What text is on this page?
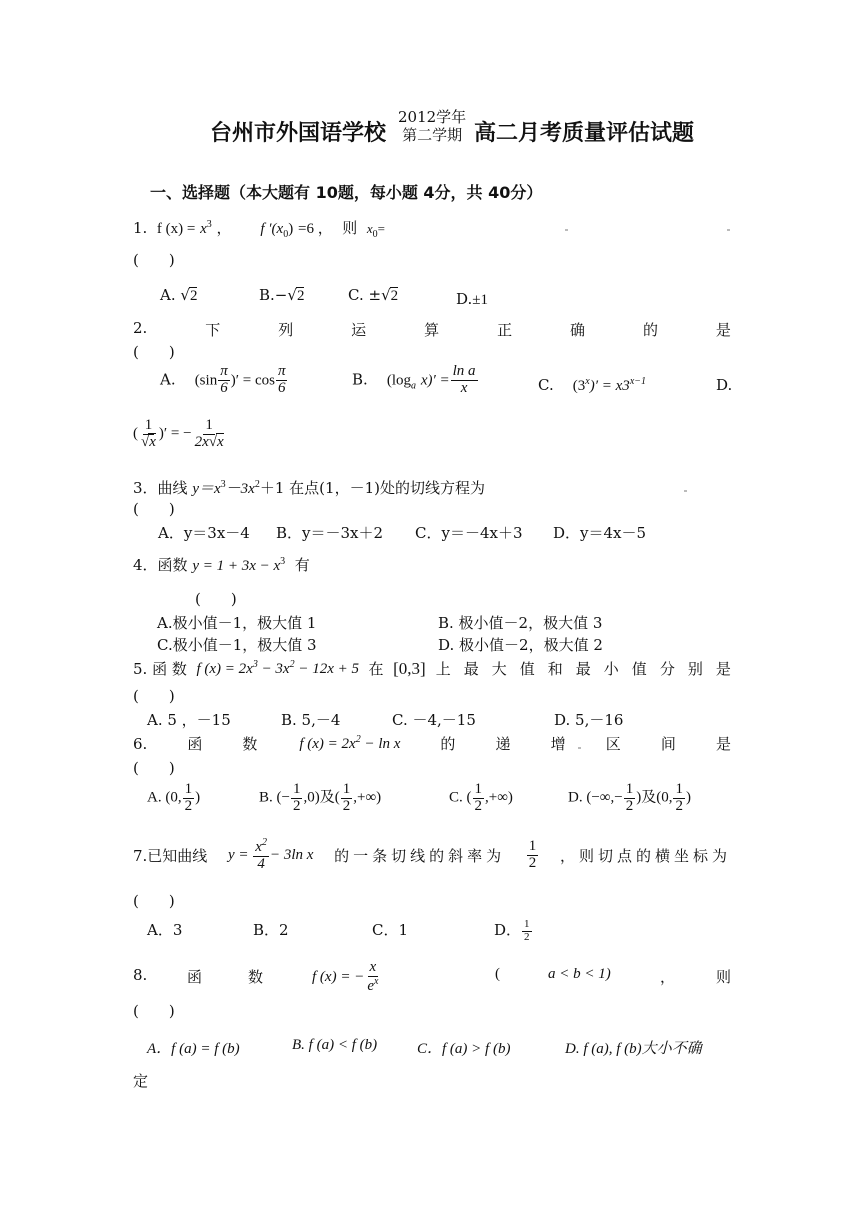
台州市外国语学校
2012学年
第二学期 高二月考质量评估试题
一、选择题（本大题有 10题，每小题 4分，共 40分）
1. f $(x) = x^3$ ， f $'(x_0) =6$ ， 则 $x_0=$
(　　)
A. √2	B.−√2	C. ±√2	D.±1
2.	下	列	运	算	正	确	的	是
(　　)
A. ($\sin \frac{\pi}{6}$ )′ = $\cos \frac{\pi}{6}$	B. ($\log_a$ $x)' = \frac{\text{ln a}}{x}$	C. $(3^x)' = x3^{x-1}$	D.
( $\frac{1}{√x}$ )′ = − $\frac{1}{2x√x}$
3．曲线 $y=x^3-3x^2+1$ 在点(1，－1)处的切线方程为
(　　)
A．y＝3x－4 B．y＝－3x＋2 C．y＝－4x＋3 D．y＝4x－5
4．函数 $y = 1 + 3x - x^3$ 有
(　　)
A.极小值－1，极大值 1	B. 极小值－2，极大值 3
C.极小值－1，极大值 3	D. 极小值－2，极大值 2
5.
函
数
f $(x) = 2x^3 - 3x^2 - 12x + 5$
在
[0,3] 上 最 大 值 和 最 小 值 分 别 是
(　　)
A. 5 ，－15	B. 5,－4	C. －4,－15	D. 5,－16
6.	函	数	f $(x) = 2x^2 - \ln x$	的	递	增	区	间	是
(　　)
A. (0, $\frac{1}{2}$ )	B. (− $\frac{1}{2} ,0$)及( $\frac{1}{2}$ ,+∞)	C. ( $\frac{1}{2}$ ,+∞)	D. (−∞,− $\frac{1}{2}$ )及(0, $\frac{1}{2}$ )
7.已知曲线 y =
$\frac{x^2}{4} - 3\ln$ x 的一条切线的斜率为 $\frac{1}{2}$ ，则切点的横坐标为
(　　)
A．3	B．2	C．1	D． $\frac{1}{2}$
8.	函	数	f (x) = − $\frac{x}{e^x}$	(	a < b < 1)	，	则
(　　)
A．f (a) = f (b)	B. f (a) < f (b)	C．f (a) > f (b)	D. f (a), f (b)大小不确
定
